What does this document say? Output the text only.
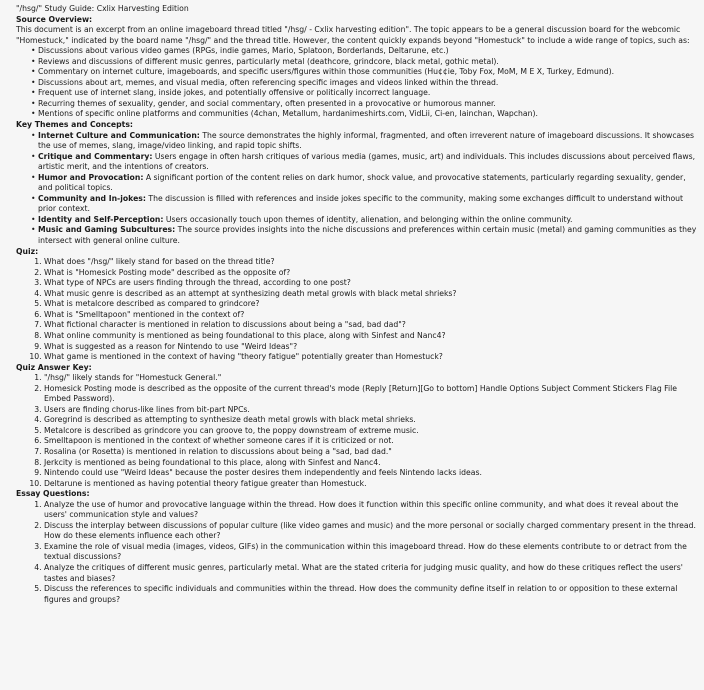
"/hsg/" Study Guide: Cxlix Harvesting Edition

Source Overview:

This document is an excerpt from an online imageboard thread titled "/hsg/ - Cxlix harvesting edition". The topic appears to be a general discussion board for the webcomic "Homestuck," indicated by the board name "/hsg/" and the thread title. However, the content quickly expands beyond "Homestuck" to include a wide range of topics, such as:

• Discussions about various video games (RPGs, indie games, Mario, Splatoon, Borderlands, Deltarune, etc.)
• Reviews and discussions of different music genres, particularly metal (deathcore, grindcore, black metal, gothic metal).
• Commentary on internet culture, imageboards, and specific users/figures within those communities (Hu¢¢ie, Toby Fox, MoM, M E X, Turkey, Edmund).
• Discussions about art, memes, and visual media, often referencing specific images and videos linked within the thread.
• Frequent use of internet slang, inside jokes, and potentially offensive or politically incorrect language.
• Recurring themes of sexuality, gender, and social commentary, often presented in a provocative or humorous manner.
• Mentions of specific online platforms and communities (4chan, Metallum, hardanimeshirts.com, VidLii, Ci-en, Iainchan, Wapchan).

Key Themes and Concepts:

• Internet Culture and Communication: The source demonstrates the highly informal, fragmented, and often irreverent nature of imageboard discussions. It showcases the use of memes, slang, image/video linking, and rapid topic shifts.
• Critique and Commentary: Users engage in often harsh critiques of various media (games, music, art) and individuals. This includes discussions about perceived flaws, artistic merit, and the intentions of creators.
• Humor and Provocation: A significant portion of the content relies on dark humor, shock value, and provocative statements, particularly regarding sexuality, gender, and political topics.
• Community and In-jokes: The discussion is filled with references and inside jokes specific to the community, making some exchanges difficult to understand without prior context.
• Identity and Self-Perception: Users occasionally touch upon themes of identity, alienation, and belonging within the online community.
• Music and Gaming Subcultures: The source provides insights into the niche discussions and preferences within certain music (metal) and gaming communities as they intersect with general online culture.

Quiz:

1. What does "/hsg/" likely stand for based on the thread title?
2. What is "Homesick Posting mode" described as the opposite of?
3. What type of NPCs are users finding through the thread, according to one post?
4. What music genre is described as an attempt at synthesizing death metal growls with black metal shrieks?
5. What is metalcore described as compared to grindcore?
6. What is "Smelltapoon" mentioned in the context of?
7. What fictional character is mentioned in relation to discussions about being a "sad, bad dad"?
8. What online community is mentioned as being foundational to this place, along with Sinfest and Nanc4?
9. What is suggested as a reason for Nintendo to use "Weird Ideas"?
10. What game is mentioned in the context of having "theory fatigue" potentially greater than Homestuck?

Quiz Answer Key:

1. "/hsg/" likely stands for "Homestuck General."
2. Homesick Posting mode is described as the opposite of the current thread's mode (Reply [Return][Go to bottom] Handle Options Subject Comment Stickers Flag File Embed Password).
3. Users are finding chorus-like lines from bit-part NPCs.
4. Goregrind is described as attempting to synthesize death metal growls with black metal shrieks.
5. Metalcore is described as grindcore you can groove to, the poppy downstream of extreme music.
6. Smelltapoon is mentioned in the context of whether someone cares if it is criticized or not.
7. Rosalina (or Rosetta) is mentioned in relation to discussions about being a "sad, bad dad."
8. Jerkcity is mentioned as being foundational to this place, along with Sinfest and Nanc4.
9. Nintendo could use "Weird Ideas" because the poster desires them independently and feels Nintendo lacks ideas.
10. Deltarune is mentioned as having potential theory fatigue greater than Homestuck.

Essay Questions:

1. Analyze the use of humor and provocative language within the thread. How does it function within this specific online community, and what does it reveal about the users' communication style and values?
2. Discuss the interplay between discussions of popular culture (like video games and music) and the more personal or socially charged commentary present in the thread. How do these elements influence each other?
3. Examine the role of visual media (images, videos, GIFs) in the communication within this imageboard thread. How do these elements contribute to or detract from the textual discussions?
4. Analyze the critiques of different music genres, particularly metal. What are the stated criteria for judging music quality, and how do these critiques reflect the users' tastes and biases?
5. Discuss the references to specific individuals and communities within the thread. How does the community define itself in relation to or opposition to these external figures and groups?
